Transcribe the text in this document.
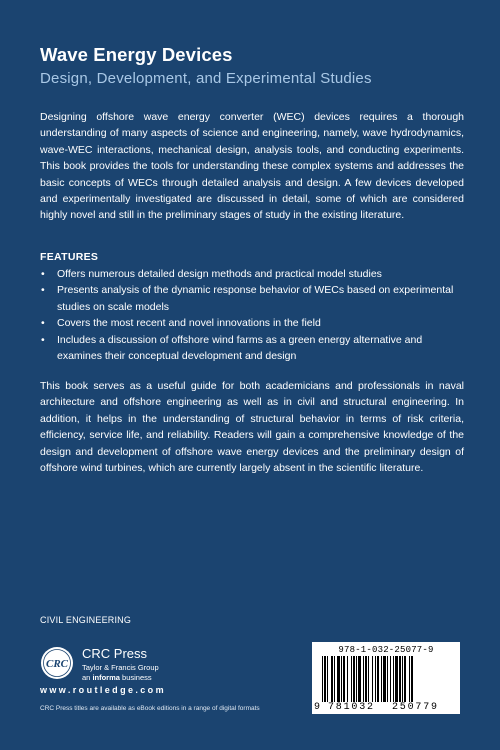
Wave Energy Devices
Design, Development, and Experimental Studies
Designing offshore wave energy converter (WEC) devices requires a thorough understanding of many aspects of science and engineering, namely, wave hydrodynamics, wave-WEC interactions, mechanical design, analysis tools, and conducting experiments. This book provides the tools for understanding these complex systems and addresses the basic concepts of WECs through detailed analysis and design. A few devices developed and experimentally investigated are discussed in detail, some of which are considered highly novel and still in the preliminary stages of study in the existing literature.
FEATURES
• Offers numerous detailed design methods and practical model studies
• Presents analysis of the dynamic response behavior of WECs based on experimental studies on scale models
• Covers the most recent and novel innovations in the field
• Includes a discussion of offshore wind farms as a green energy alternative and examines their conceptual development and design
This book serves as a useful guide for both academicians and professionals in naval architecture and offshore engineering as well as in civil and structural engineering. In addition, it helps in the understanding of structural behavior in terms of risk criteria, efficiency, service life, and reliability. Readers will gain a comprehensive knowledge of the design and development of offshore wave energy devices and the preliminary design of offshore wind turbines, which are currently largely absent in the scientific literature.
CIVIL ENGINEERING
CRC
CRC Press
Taylor & Francis Group
an informa business
www.routledge.com
CRC Press titles are available as eBook editions in a range of digital formats
978-1-032-25077-9
9 781032 250779
